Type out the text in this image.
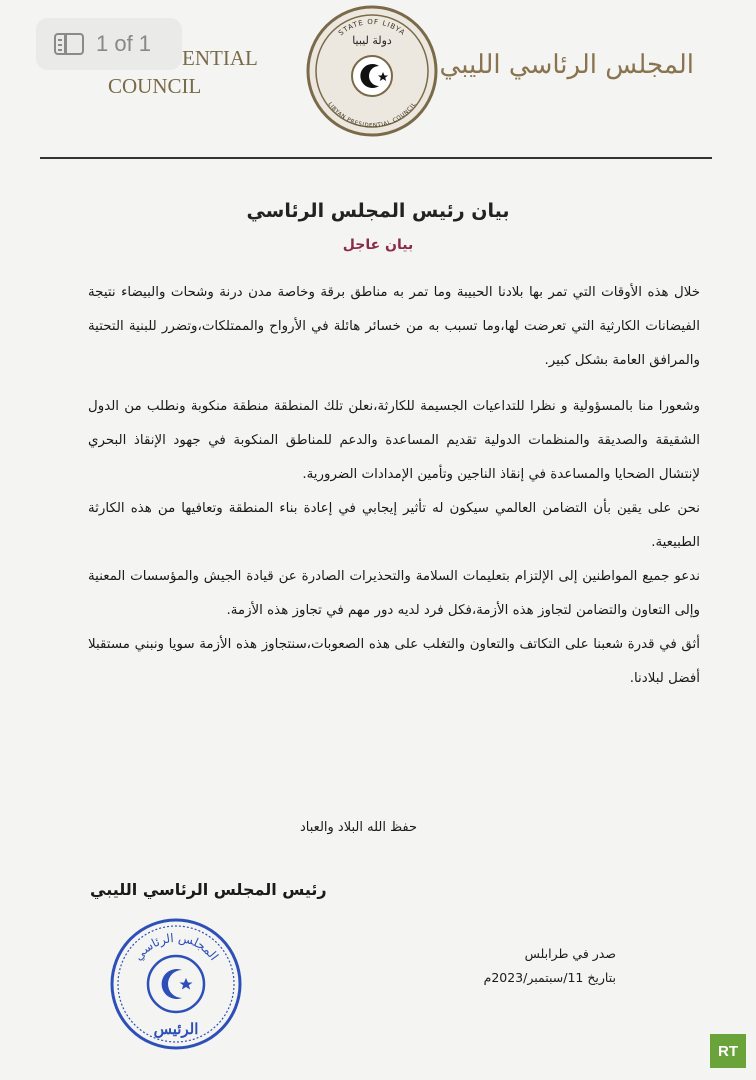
1 of 1
ENTIAL
COUNCIL
STATE OF LIBYA
LIBYAN PRESIDENTIAL COUNCIL
دولة ليبيا
المجلس الرئاسي الليبي
بيان رئيس المجلس الرئاسي
بيان عاجل

خلال هذه الأوقات التي تمر بها بلادنا الحبيبة وما تمر به مناطق برقة وخاصة مدن درنة وشحات والبيضاء نتيجة الفيضانات الكارثية التي تعرضت لها،وما تسبب به من خسائر هائلة في الأرواح والممتلكات،وتضرر للبنية التحتية والمرافق العامة بشكل كبير.

وشعورا منا بالمسؤولية و نظرا للتداعيات الجسيمة للكارثة،نعلن تلك المنطقة منطقة منكوبة ونطلب من الدول الشقيقة والصديقة والمنظمات الدولية تقديم المساعدة والدعم للمناطق المنكوبة في جهود الإنقاذ البحري لإنتشال الضحايا والمساعدة في إنقاذ الناجين وتأمين الإمدادات الضرورية.

نحن على يقين بأن التضامن العالمي سيكون له تأثير إيجابي في إعادة بناء المنطقة وتعافيها من هذه الكارثة الطبيعية.

ندعو جميع المواطنين إلى الإلتزام بتعليمات السلامة والتحذيرات الصادرة عن قيادة الجيش والمؤسسات المعنية وإلى التعاون والتضامن لتجاوز هذه الأزمة،فكل فرد لديه دور مهم في تجاوز هذه الأزمة.

أثق في قدرة شعبنا على التكاتف والتعاون والتغلب على هذه الصعوبات،سنتجاوز هذه الأزمة سويا ونبني مستقبلا أفضل لبلادنا.

حفظ الله البلاد والعباد
رئيس المجلس الرئاسي الليبي
المجلس الرئاسي
الرئيس
صدر في طرابلس
بتاريخ 11/سبتمبر/2023م
RT
